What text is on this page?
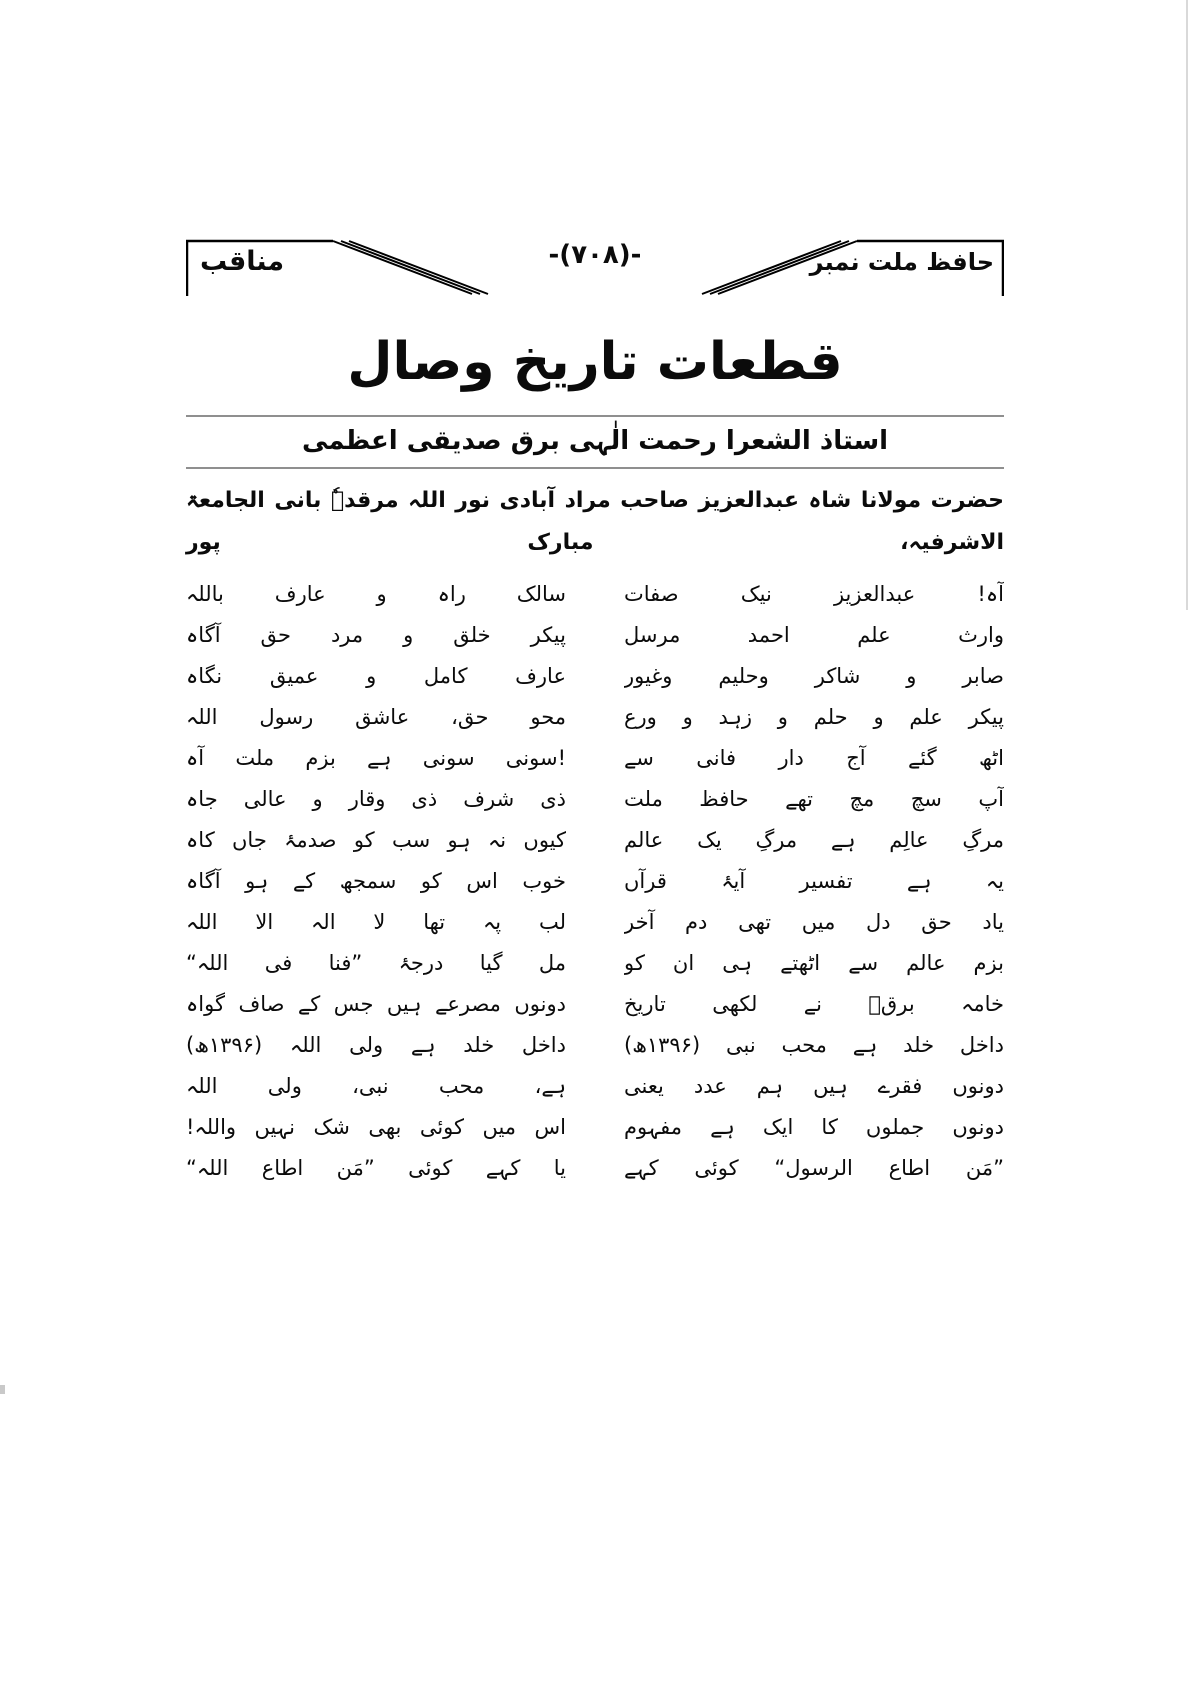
مناقب	-(۷۰۸)-	حافظ ملت نمبر
قطعات تاریخ وصال
استاذ الشعرا رحمت الٰہی برق صدیقی اعظمی
حضرت مولانا شاہ عبدالعزیز صاحب مراد آبادی نور اللہ مرقدہٗ بانی الجامعۃ الاشرفیہ، مبارک پور
سالک راہ و عارف باللہ	آہ! عبدالعزیز نیک صفات
پیکر خلق و مرد حق آگاہ	وارث علم احمد مرسل
عارف کامل و عمیق نگاہ	صابر و شاکر وحلیم وغیور
محو حق، عاشق رسول اللہ	پیکر علم و حلم و زہد و ورع
!سونی سونی ہے بزم ملت آہ	اٹھ گئے آج دار فانی سے
ذی شرف ذی وقار و عالی جاہ	آپ سچ مچ تھے حافظ ملت
کیوں نہ ہو سب کو صدمۂ جاں کاہ	مرگِ عالِم ہے مرگِ یک عالم
خوب اس کو سمجھ کے ہو آگاہ	یہ ہے تفسیر آیۂ قرآں
لب پہ تھا لا الہ الا اللہ	یاد حق دل میں تھی دم آخر
مل گیا درجۂ ”فنا فی اللہ“	بزم عالم سے اٹھتے ہی ان کو
دونوں مصرعے ہیں جس کے صاف گواہ	خامہ برقؔ نے لکھی تاریخ
داخل خلد ہے ولی اللہ (۱۳۹۶ھ)	داخل خلد ہے محب نبی (۱۳۹۶ھ)
ہے، محب نبی، ولی اللہ	دونوں فقرے ہیں ہم عدد یعنی
اس میں کوئی بھی شک نہیں واللہ!	دونوں جملوں کا ایک ہے مفہوم
یا کہے کوئی ”مَن اطاع اللہ“	”مَن اطاع الرسول“ کوئی کہے
